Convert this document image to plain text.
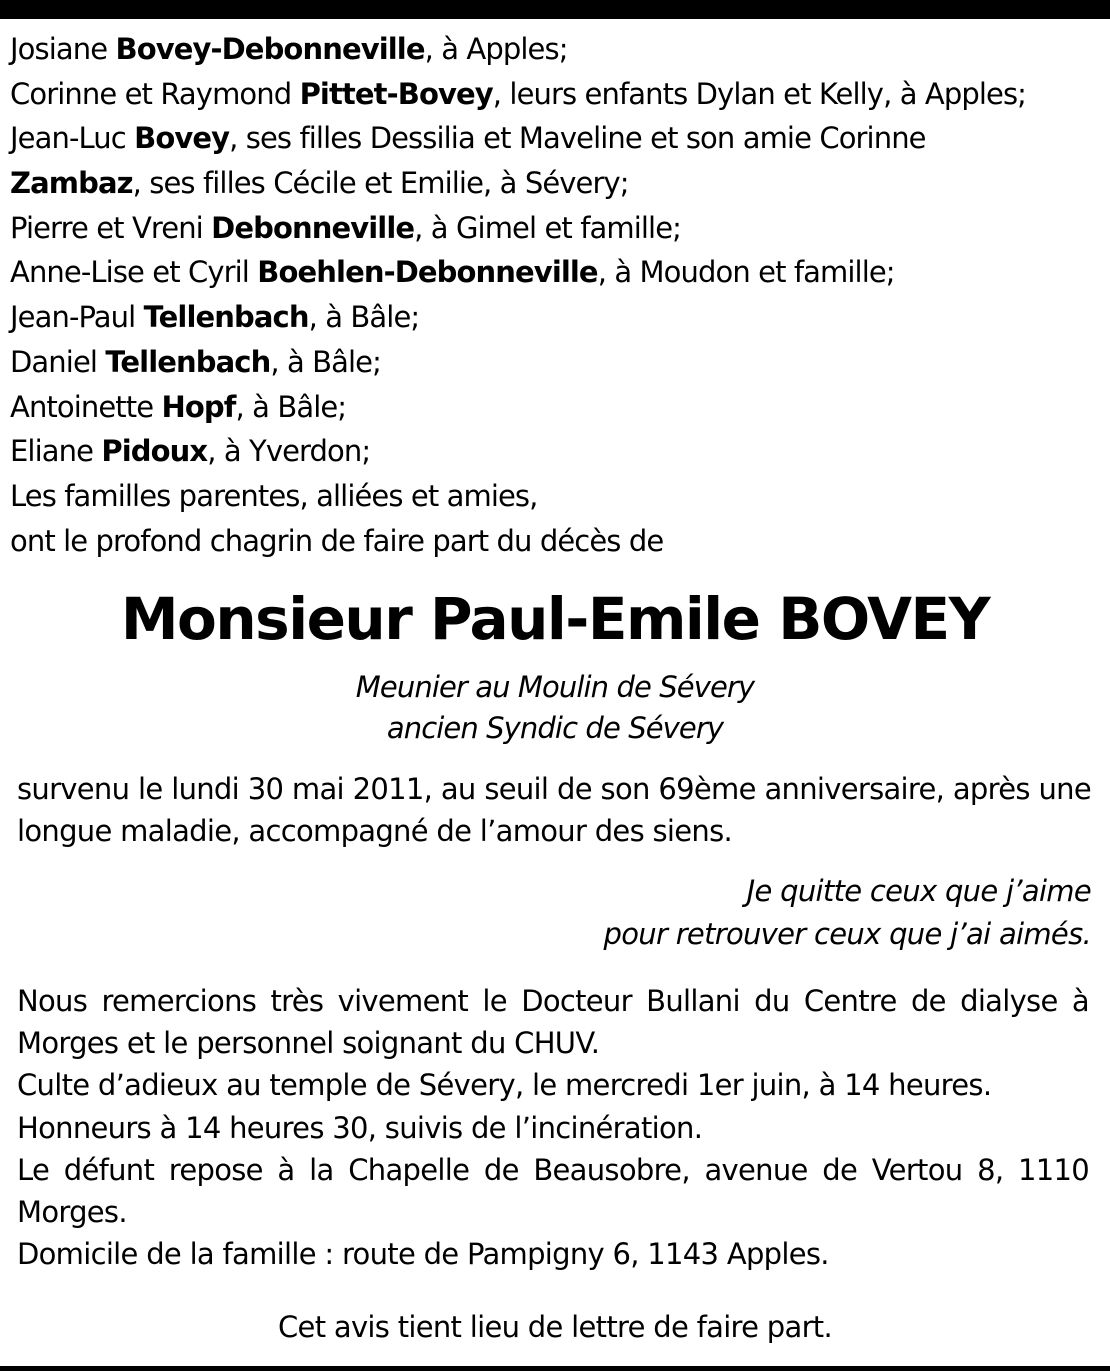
Josiane Bovey-Debonneville, à Apples;
Corinne et Raymond Pittet-Bovey, leurs enfants Dylan et Kelly, à Apples;
Jean-Luc Bovey, ses filles Dessilia et Maveline et son amie Corinne
Zambaz, ses filles Cécile et Emilie, à Sévery;
Pierre et Vreni Debonneville, à Gimel et famille;
Anne-Lise et Cyril Boehlen-Debonneville, à Moudon et famille;
Jean-Paul Tellenbach, à Bâle;
Daniel Tellenbach, à Bâle;
Antoinette Hopf, à Bâle;
Eliane Pidoux, à Yverdon;
Les familles parentes, alliées et amies,
ont le profond chagrin de faire part du décès de
Monsieur Paul-Emile BOVEY
Meunier au Moulin de Sévery
ancien Syndic de Sévery
survenu le lundi 30 mai 2011, au seuil de son 69ème anniversaire, après une longue maladie, accompagné de l’amour des siens.
Je quitte ceux que j’aime
pour retrouver ceux que j’ai aimés.
Nous remercions très vivement le Docteur Bullani du Centre de dialyse à Morges et le personnel soignant du CHUV.
Culte d’adieux au temple de Sévery, le mercredi 1er juin, à 14 heures.
Honneurs à 14 heures 30, suivis de l’incinération.
Le défunt repose à la Chapelle de Beausobre, avenue de Vertou 8, 1110 Morges.
Domicile de la famille : route de Pampigny 6, 1143 Apples.
Cet avis tient lieu de lettre de faire part.
